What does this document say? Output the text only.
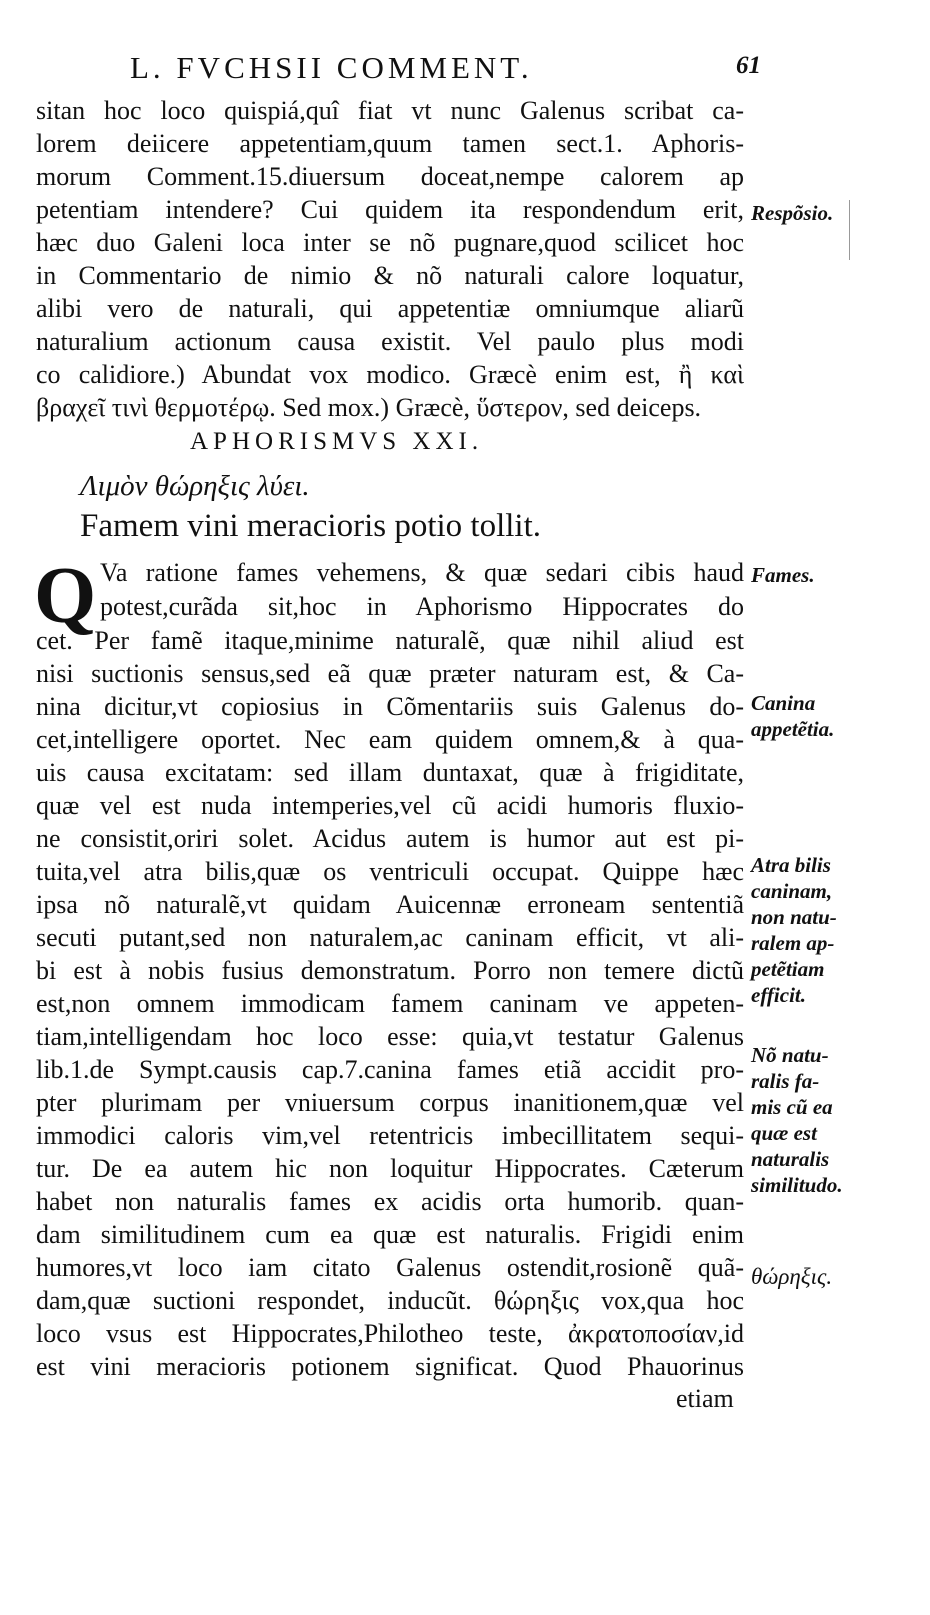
L. FVCHSII COMMENT.	61
sitan hoc loco quispiá,quî fiat vt nunc Galenus scribat ca-
lorem deiicere appetentiam,quum tamen sect.1. Aphoris-
morum Comment.15.diuersum doceat,nempe calorem ap
petentiam intendere? Cui quidem ita respondendum erit,
hæc duo Galeni loca inter se nõ pugnare,quod scilicet hoc
in Commentario de nimio & nõ naturali calore loquatur,
alibi vero de naturali, qui appetentiæ omniumque aliarũ
naturalium actionum causa existit. Vel paulo plus modi
co calidiore.) Abundat vox modico. Græcè enim est, ἢ καὶ
βραχεῖ τινὶ θερμοτέρῳ. Sed mox.) Græcè, ὕστερον, sed deiceps.
APHORISMVS XXI.
Λιμὸν θώρηξις λύει.
Famem vini meracioris potio tollit.
Q Va ratione fames vehemens, & quæ sedari cibis haud
potest,curãda sit,hoc in Aphorismo Hippocrates do
cet. Per famẽ itaque,minime naturalẽ, quæ nihil aliud est
nisi suctionis sensus,sed eã quæ præter naturam est, & Ca-
nina dicitur,vt copiosius in Cõmentariis suis Galenus do-
cet,intelligere oportet. Nec eam quidem omnem,& à qua-
uis causa excitatam: sed illam duntaxat, quæ à frigiditate,
quæ vel est nuda intemperies,vel cũ acidi humoris fluxio-
ne consistit,oriri solet. Acidus autem is humor aut est pi-
tuita,vel atra bilis,quæ os ventriculi occupat. Quippe hæc
ipsa nõ naturalẽ,vt quidam Auicennæ erroneam sententiã
secuti putant,sed non naturalem,ac caninam efficit, vt ali-
bi est à nobis fusius demonstratum. Porro non temere dictũ
est,non omnem immodicam famem caninam ve appeten-
tiam,intelligendam hoc loco esse: quia,vt testatur Galenus
lib.1.de Sympt.causis cap.7.canina fames etiã accidit pro-
pter plurimam per vniuersum corpus inanitionem,quæ vel
immodici caloris vim,vel retentricis imbecillitatem sequi-
tur. De ea autem hic non loquitur Hippocrates. Cæterum
habet non naturalis fames ex acidis orta humorib. quan-
dam similitudinem cum ea quæ est naturalis. Frigidi enim
humores,vt loco iam citato Galenus ostendit,rosionẽ quã-
dam,quæ suctioni respondet, inducũt. θώρηξις vox,qua hoc
loco vsus est Hippocrates,Philotheo teste, ἀκρατοποσίαν,id
est vini meracioris potionem significat. Quod Phauorinus
etiam
Respõsio.
Fames.
Canina
appetẽtia.
Atra bilis
caninam,
non natu-
ralem ap-
petẽtiam
efficit.
Nõ natu-
ralis fa-
mis cũ ea
quæ est
naturalis
similitudo.
θώρηξις.
